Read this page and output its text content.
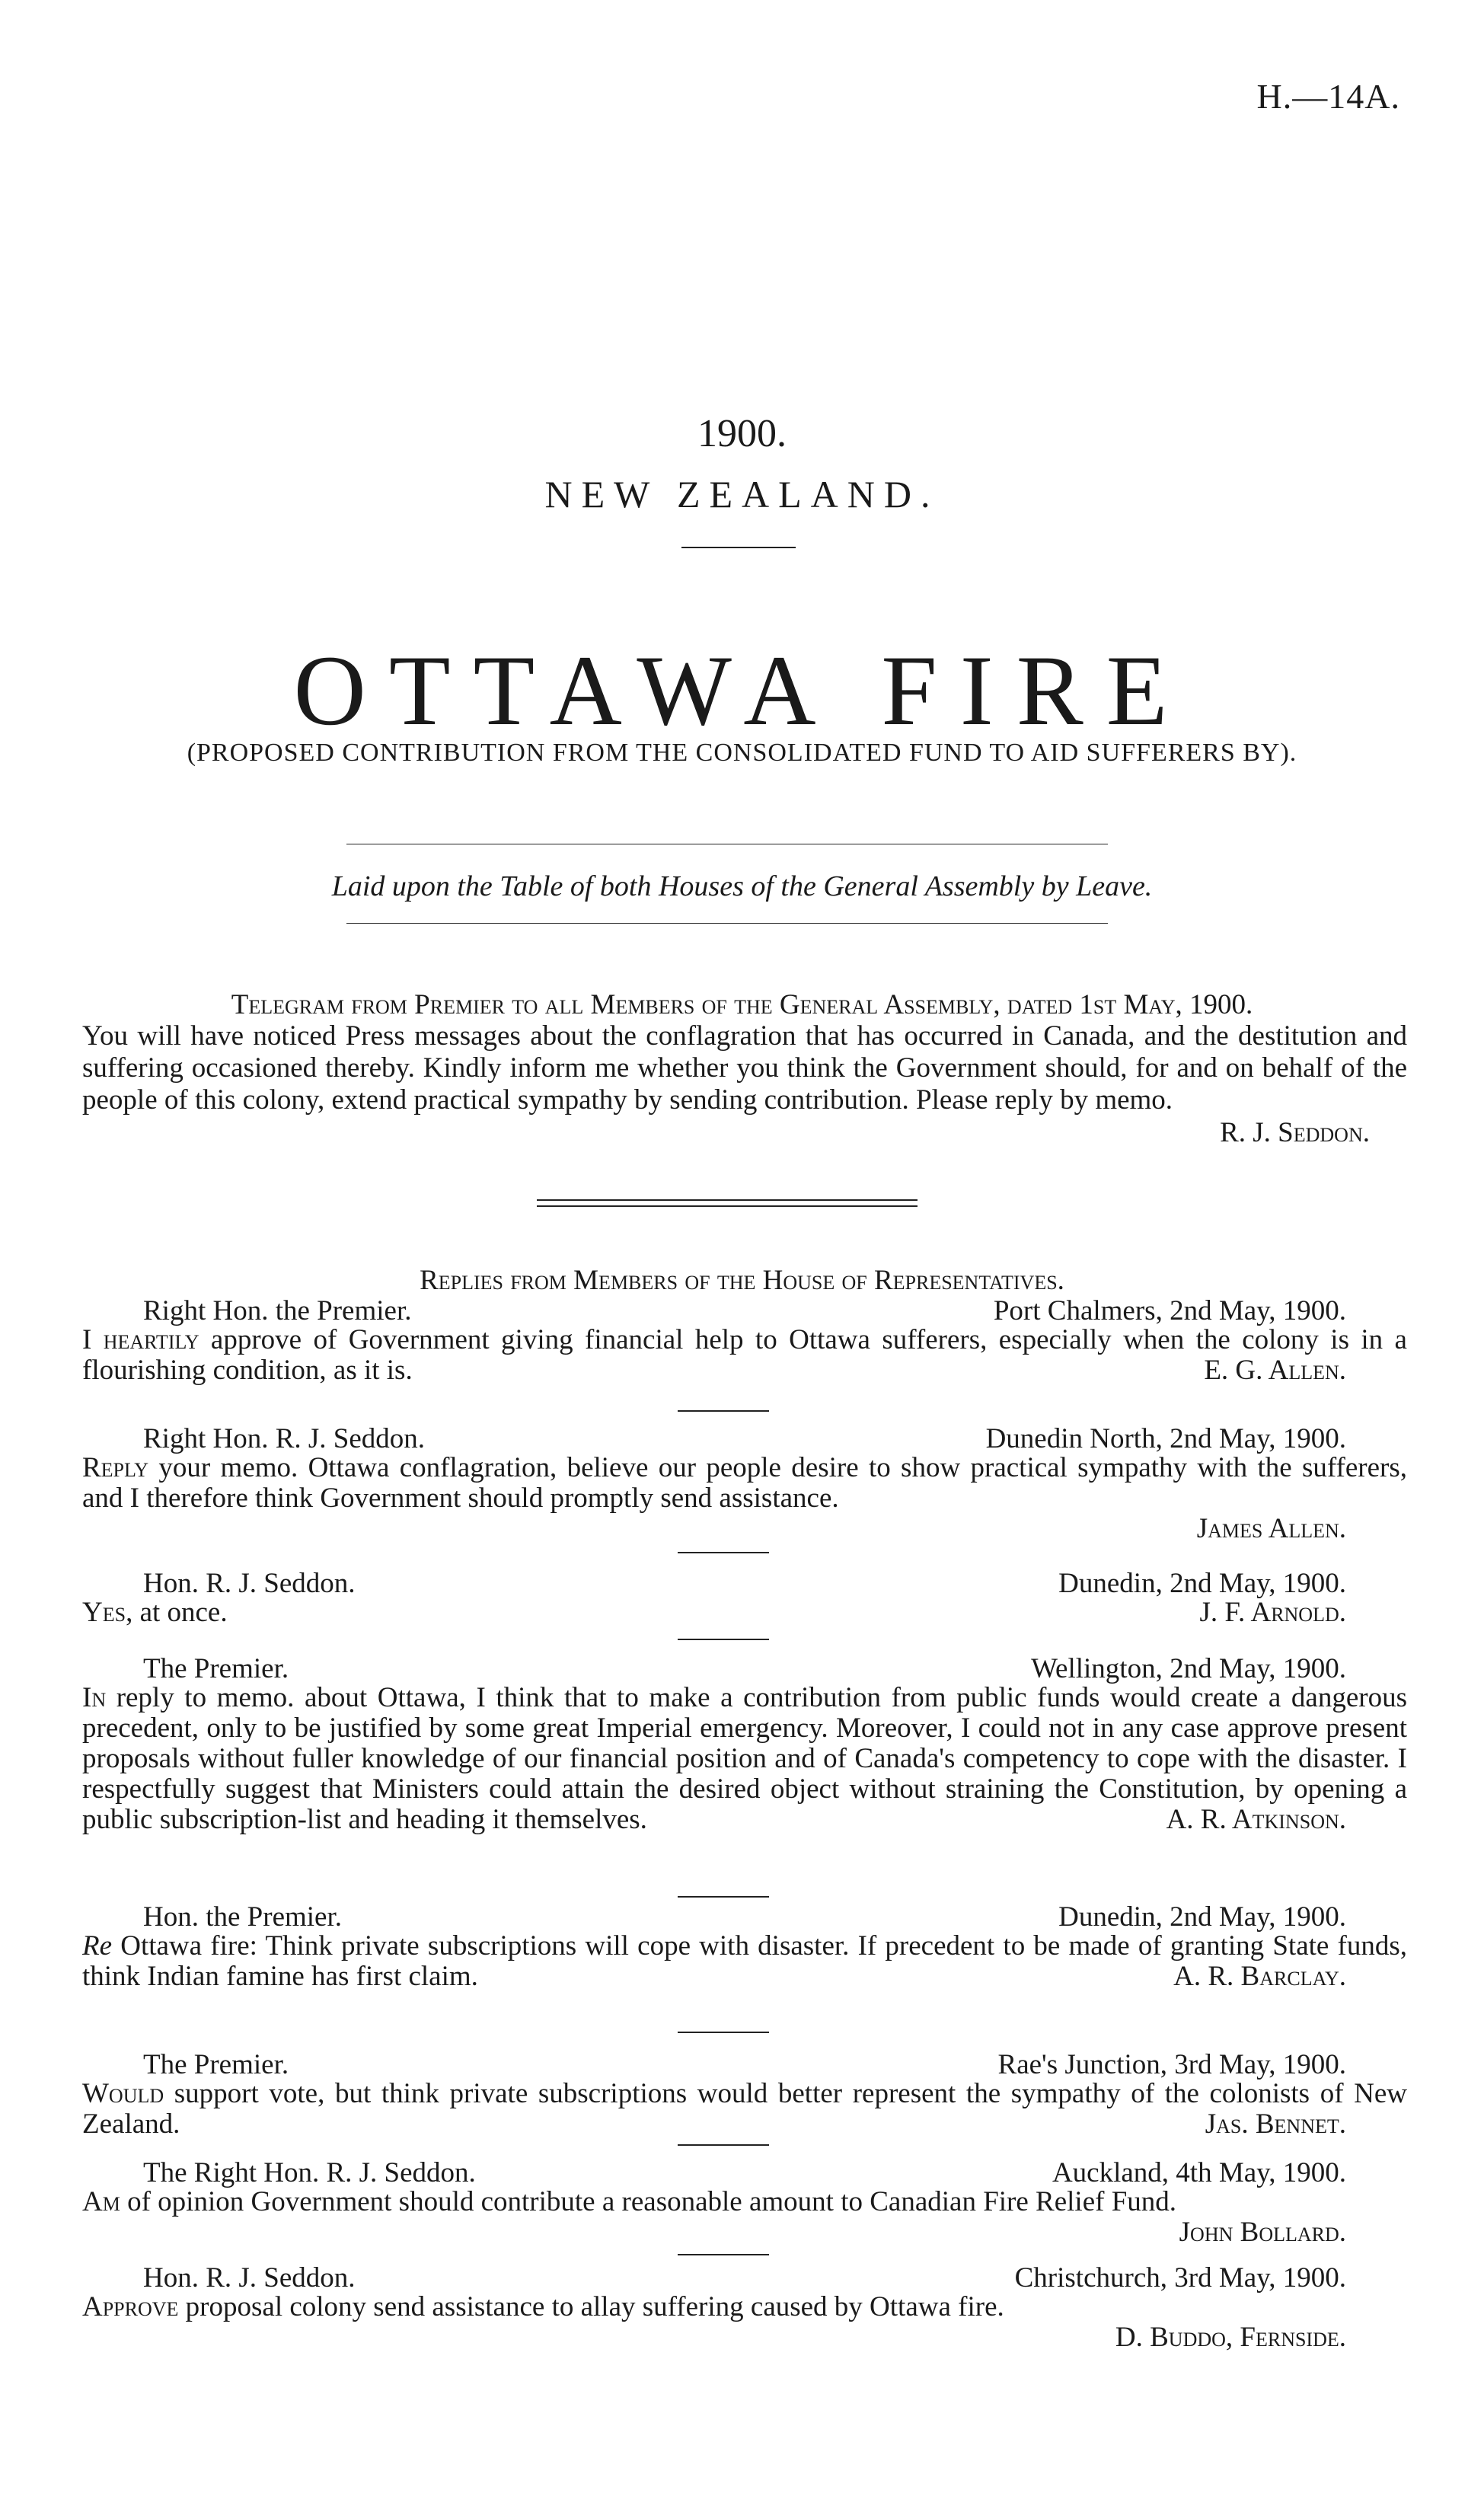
H.—14A.
1900.
NEW ZEALAND.
OTTAWA FIRE
(PROPOSED CONTRIBUTION FROM THE CONSOLIDATED FUND TO AID SUFFERERS BY).
Laid upon the Table of both Houses of the General Assembly by Leave.
Telegram from Premier to all Members of the General Assembly, dated 1st May, 1900.
You will have noticed Press messages about the conflagration that has occurred in Canada, and the destitution and suffering occasioned thereby. Kindly inform me whether you think the Government should, for and on behalf of the people of this colony, extend practical sympathy by sending contribution. Please reply by memo.
R. J. Seddon.
Replies from Members of the House of Representatives.
Right Hon. the Premier.	Port Chalmers, 2nd May, 1900.
I heartily approve of Government giving financial help to Ottawa sufferers, especially when the colony is in a flourishing condition, as it is.	E. G. Allen.
Right Hon. R. J. Seddon.	Dunedin North, 2nd May, 1900.
Reply your memo. Ottawa conflagration, believe our people desire to show practical sympathy with the sufferers, and I therefore think Government should promptly send assistance.
James Allen.
Hon. R. J. Seddon.	Dunedin, 2nd May, 1900.
Yes, at once.	J. F. Arnold.
The Premier.	Wellington, 2nd May, 1900.
In reply to memo. about Ottawa, I think that to make a contribution from public funds would create a dangerous precedent, only to be justified by some great Imperial emergency. Moreover, I could not in any case approve present proposals without fuller knowledge of our financial position and of Canada's competency to cope with the disaster. I respectfully suggest that Ministers could attain the desired object without straining the Constitution, by opening a public subscription-list and heading it themselves.	A. R. Atkinson.
Hon. the Premier.	Dunedin, 2nd May, 1900.
Re Ottawa fire: Think private subscriptions will cope with disaster. If precedent to be made of granting State funds, think Indian famine has first claim.	A. R. Barclay.
The Premier.	Rae's Junction, 3rd May, 1900.
Would support vote, but think private subscriptions would better represent the sympathy of the colonists of New Zealand.	Jas. Bennet.
The Right Hon. R. J. Seddon.	Auckland, 4th May, 1900.
Am of opinion Government should contribute a reasonable amount to Canadian Fire Relief Fund.
John Bollard.
Hon. R. J. Seddon.	Christchurch, 3rd May, 1900.
Approve proposal colony send assistance to allay suffering caused by Ottawa fire.
D. Buddo, Fernside.
